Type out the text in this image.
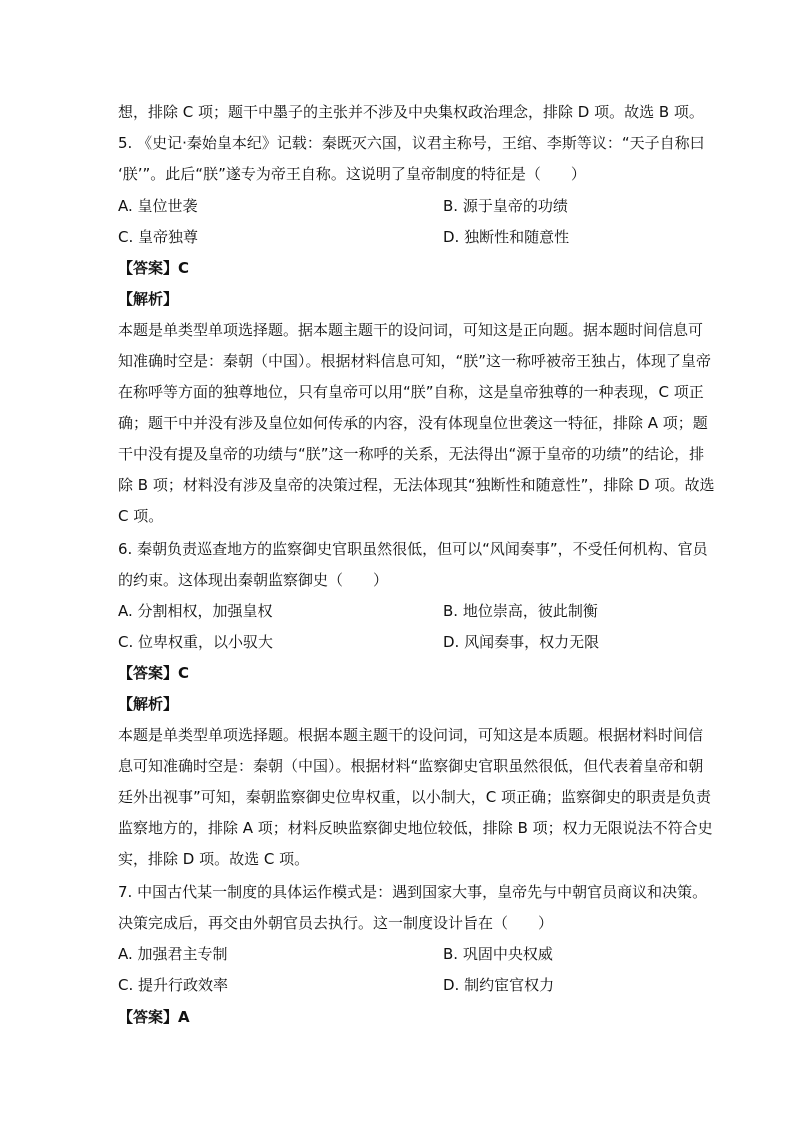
想，排除 C 项；题干中墨子的主张并不涉及中央集权政治理念，排除 D 项。故选 B 项。
5. 《史记·秦始皇本纪》记载：秦既灭六国，议君主称号，王绾、李斯等议：“天子自称曰
‘朕’”。此后“朕”遂专为帝王自称。这说明了皇帝制度的特征是（　　）
A. 皇位世袭	B. 源于皇帝的功绩
C. 皇帝独尊	D. 独断性和随意性
【答案】C
【解析】
本题是单类型单项选择题。据本题主题干的设问词，可知这是正向题。据本题时间信息可
知准确时空是：秦朝（中国）。根据材料信息可知，“朕”这一称呼被帝王独占，体现了皇帝
在称呼等方面的独尊地位，只有皇帝可以用“朕”自称，这是皇帝独尊的一种表现，C 项正
确；题干中并没有涉及皇位如何传承的内容，没有体现皇位世袭这一特征，排除 A 项；题
干中没有提及皇帝的功绩与“朕”这一称呼的关系，无法得出“源于皇帝的功绩”的结论，排
除 B 项；材料没有涉及皇帝的决策过程，无法体现其“独断性和随意性”，排除 D 项。故选
C 项。
6. 秦朝负责巡查地方的监察御史官职虽然很低，但可以“风闻奏事”，不受任何机构、官员
的约束。这体现出秦朝监察御史（　　）
A. 分割相权，加强皇权	B. 地位崇高，彼此制衡
C. 位卑权重，以小驭大	D. 风闻奏事，权力无限
【答案】C
【解析】
本题是单类型单项选择题。根据本题主题干的设问词，可知这是本质题。根据材料时间信
息可知准确时空是：秦朝（中国）。根据材料“监察御史官职虽然很低，但代表着皇帝和朝
廷外出视事”可知，秦朝监察御史位卑权重，以小制大，C 项正确；监察御史的职责是负责
监察地方的，排除 A 项；材料反映监察御史地位较低，排除 B 项；权力无限说法不符合史
实，排除 D 项。故选 C 项。
7. 中国古代某一制度的具体运作模式是：遇到国家大事，皇帝先与中朝官员商议和决策。
决策完成后，再交由外朝官员去执行。这一制度设计旨在（　　）
A. 加强君主专制	B. 巩固中央权威
C. 提升行政效率	D. 制约宦官权力
【答案】A
